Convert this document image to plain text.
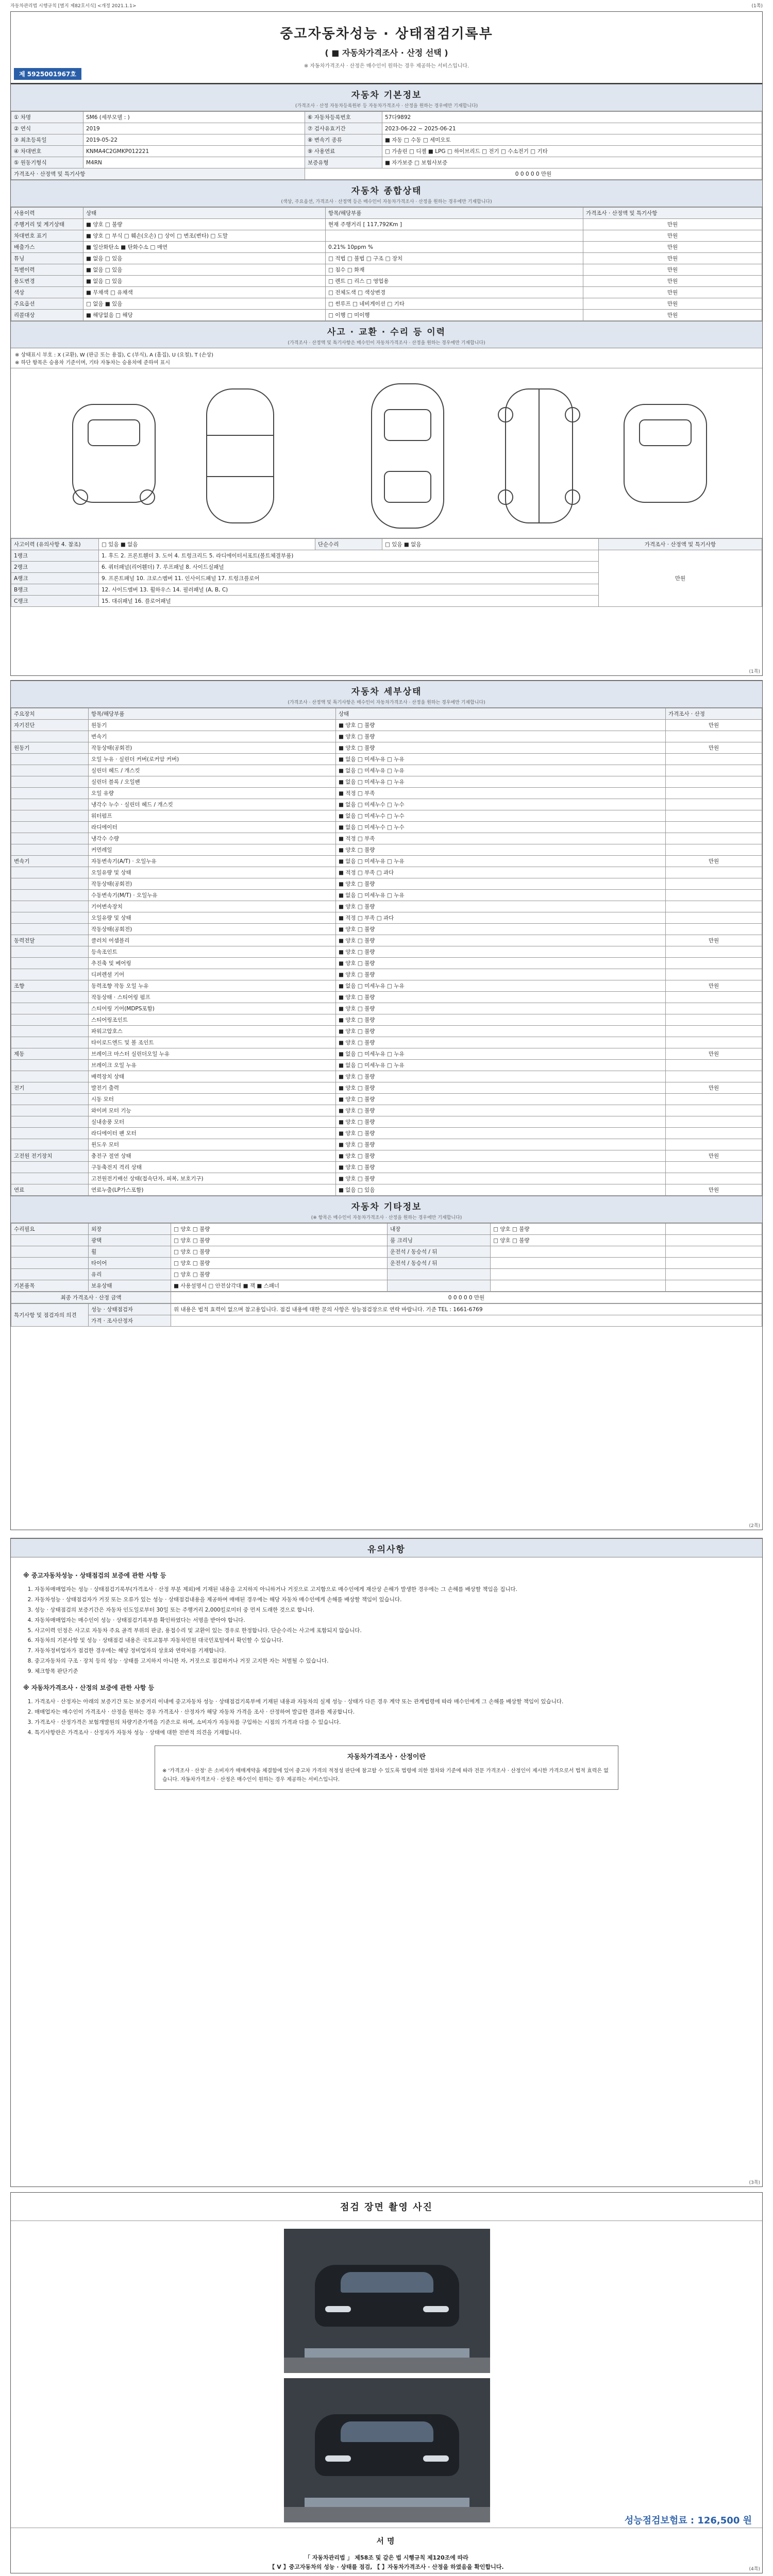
자동차관리법 시행규칙 [별지 제82호서식] <개정 2021.1.1>	(1쪽)
중고자동차성능 · 상태점검기록부
( ■ 자동차가격조사 · 산정 선택 )
※ 자동차가격조사 · 산정은 매수인이 원하는 경우 제공하는 서비스입니다.
제 5925001967호
자동차 기본정보
(가격조사 · 산정 자동차등록원부 등 자동차가격조사 · 산정을 원하는 경우에만 기재합니다)
① 차명	SM6 (세부모델 : )	⑥ 자동차등록번호	57다9892
② 연식	2019	⑦ 검사유효기간	2023-06-22 ~ 2025-06-21
③ 최초등록일	2019-05-22	⑧ 변속기 종류	■ 자동 □ 수동 □ 세미오토
④ 차대번호	KNMA4C2GMKP012221	⑨ 사용연료	□ 가솔린 □ 디젤 ■ LPG □ 하이브리드 □ 전기 □ 수소전기 □ 기타
⑤ 원동기형식	M4RN	보증유형	■ 자가보증 □ 보험사보증
가격조사 · 산정액 및 특기사항		0 0 0 0 0 만원	
자동차 종합상태
(색상, 주요옵션, 가격조사 · 산정액 등은 매수인이 자동차가격조사 · 산정을 원하는 경우에만 기재합니다)
사용이력	상태	항목/해당부품	가격조사 · 산정액 및 특기사항
주행거리 및 계기상태	■ 양호 □ 불량	현재 주행거리 [ 117,792Km ]	만원
차대번호 표기	■ 양호 □ 부식 □ 훼손(오손) □ 상이 □ 변조(변타) □ 도말		만원
배출가스	■ 일산화탄소 ■ 탄화수소 □ 매연	0.21% 10ppm %	만원
튜닝	■ 없음 □ 있음	□ 적법 □ 불법 □ 구조 □ 장치	만원
특별이력	■ 없음 □ 있음	□ 침수 □ 화재	만원
용도변경	■ 없음 □ 있음	□ 렌트 □ 리스 □ 영업용	만원
색상	■ 무채색 □ 유채색	□ 전체도색 □ 색상변경	만원
주요옵션	□ 없음 ■ 있음	□ 썬루프 □ 네비게이션 □ 기타	만원
리콜대상	■ 해당없음 □ 해당	□ 이행 □ 미이행	만원
사고 · 교환 · 수리 등 이력
(가격조사 · 산정액 및 특기사항은 매수인이 자동차가격조사 · 산정을 원하는 경우에만 기재합니다)
※ 상태표시 부호 : X (교환), W (판금 또는 용접), C (부식), A (흠집), U (요철), T (손상)
※ 하단 항목은 승용차 기준이며, 기타 자동차는 승용차에 준하여 표시
사고이력 (유의사항 4. 참조)	□ 있음 ■ 없음	단순수리	□ 있음 ■ 없음	가격조사 · 산정액 및 특기사항
1랭크	1. 후드 2. 프론트휀더 3. 도어 4. 트렁크리드 5. 라디에이터서포트(볼트체결부품)			만원
2랭크	6. 쿼터패널(리어휀더) 7. 루프패널 8. 사이드실패널			
A랭크	9. 프론트패널 10. 크로스멤버 11. 인사이드패널 17. 트렁크플로어			
B랭크	12. 사이드멤버 13. 휠하우스 14. 필러패널 (A, B, C)			
C랭크	15. 대쉬패널 16. 플로어패널			
(1쪽)
자동차 세부상태
(가격조사 · 산정액 및 특기사항은 매수인이 자동차가격조사 · 산정을 원하는 경우에만 기재합니다)
주요장치	항목/해당부품	상태	가격조사 · 산정
자기진단	원동기	■ 양호 □ 불량	만원
	변속기	■ 양호 □ 불량	
원동기	작동상태(공회전)	■ 양호 □ 불량	만원
	오일 누유 · 실린더 커버(로커암 커버)	■ 없음 □ 미세누유 □ 누유	
	실린더 헤드 / 개스킷	■ 없음 □ 미세누유 □ 누유	
	실린더 블록 / 오일팬	■ 없음 □ 미세누유 □ 누유	
	오일 유량	■ 적정 □ 부족	
	냉각수 누수 · 실린더 헤드 / 개스킷	■ 없음 □ 미세누수 □ 누수	
	워터펌프	■ 없음 □ 미세누수 □ 누수	
	라디에이터	■ 없음 □ 미세누수 □ 누수	
	냉각수 수량	■ 적정 □ 부족	
	커먼레일	■ 양호 □ 불량	
변속기	자동변속기(A/T) · 오일누유	■ 없음 □ 미세누유 □ 누유	만원
	오일유량 및 상태	■ 적정 □ 부족 □ 과다	
	작동상태(공회전)	■ 양호 □ 불량	
	수동변속기(M/T) · 오일누유	■ 없음 □ 미세누유 □ 누유	
	기어변속장치	■ 양호 □ 불량	
	오일유량 및 상태	■ 적정 □ 부족 □ 과다	
	작동상태(공회전)	■ 양호 □ 불량	
동력전달	클러치 어셈블리	■ 양호 □ 불량	만원
	등속조인트	■ 양호 □ 불량	
	추진축 및 베어링	■ 양호 □ 불량	
	디퍼렌셜 기어	■ 양호 □ 불량	
조향	동력조향 작동 오일 누유	■ 없음 □ 미세누유 □ 누유	만원
	작동상태 · 스티어링 펌프	■ 양호 □ 불량	
	스티어링 기어(MDPS포함)	■ 양호 □ 불량	
	스티어링조인트	■ 양호 □ 불량	
	파워고압호스	■ 양호 □ 불량	
	타이로드엔드 및 볼 조인트	■ 양호 □ 불량	
제동	브레이크 마스터 실린더오일 누유	■ 없음 □ 미세누유 □ 누유	만원
	브레이크 오일 누유	■ 없음 □ 미세누유 □ 누유	
	배력장치 상태	■ 양호 □ 불량	
전기	발전기 출력	■ 양호 □ 불량	만원
	시동 모터	■ 양호 □ 불량	
	와이퍼 모터 기능	■ 양호 □ 불량	
	실내송풍 모터	■ 양호 □ 불량	
	라디에이터 팬 모터	■ 양호 □ 불량	
	윈도우 모터	■ 양호 □ 불량	
고전원 전기장치	충전구 절연 상태	■ 양호 □ 불량	만원
	구동축전지 격리 상태	■ 양호 □ 불량	
	고전원전기배선 상태(접속단자, 피복, 보호기구)	■ 양호 □ 불량	
연료	연료누출(LP가스포함)	■ 없음 □ 있음	만원
자동차 기타정보
(※ 항목은 매수인이 자동차가격조사 · 산정을 원하는 경우에만 기재합니다)
수리필요	외장	□ 양호 □ 불량	내장	□ 양호 □ 불량	
	광택	□ 양호 □ 불량	룸 크리닝	□ 양호 □ 불량	
	휠	□ 양호 □ 불량	운전석 / 동승석 / 뒤		
	타이어	□ 양호 □ 불량	운전석 / 동승석 / 뒤		
	유리	□ 양호 □ 불량			
기본품목	보유상태	■ 사용설명서 □ 안전삼각대 ■ 잭 ■ 스패너			
최종 가격조사 · 산정 금액	0 0 0 0 0 만원
특기사항 및 점검자의 의견	성능 · 상태점검자	위 내용은 법적 효력이 없으며 참고용입니다. 점검 내용에 대한 문의 사항은 성능점검장으로 연락 바랍니다. 기준 TEL : 1661-6769
	가격 · 조사산정자	
(2쪽)
유의사항
※ 중고자동차성능 · 상태점검의 보증에 관한 사항 등
1. 자동차매매업자는 성능 · 상태점검기록부(가격조사 · 산정 부분 제외)에 기재된 내용을 고지하지 아니하거나 거짓으로 고지함으로 매수인에게 재산상 손해가 발생한 경우에는 그 손해를 배상할 책임을 집니다.
2. 자동차성능 · 상태점검자가 거짓 또는 오류가 있는 성능 · 상태점검내용을 제공하여 매매된 경우에는 해당 자동차 매수인에게 손해를 배상할 책임이 있습니다.
3. 성능 · 상태점검의 보증기간은 자동차 인도일로부터 30일 또는 주행거리 2,000킬로미터 중 먼저 도래한 것으로 합니다.
4. 자동차매매업자는 매수인이 성능 · 상태점검기록부를 확인하였다는 서명을 받아야 합니다.
5. 사고이력 인정은 사고로 자동차 주요 골격 부위의 판금, 용접수리 및 교환이 있는 경우로 한정합니다. 단순수리는 사고에 포함되지 않습니다.
6. 자동차의 기본사항 및 성능 · 상태점검 내용은 국토교통부 자동차민원 대국민포털에서 확인할 수 있습니다.
7. 자동차정비업자가 점검한 경우에는 해당 정비업자의 상호와 연락처를 기재합니다.
8. 중고자동차의 구조 · 장치 등의 성능 · 상태를 고지하지 아니한 자, 거짓으로 점검하거나 거짓 고지한 자는 처벌될 수 있습니다.
9. 체크항목 판단기준
※ 자동차가격조사 · 산정의 보증에 관한 사항 등
1. 가격조사 · 산정자는 아래의 보증기간 또는 보증거리 이내에 중고자동차 성능 · 상태점검기록부에 기재된 내용과 자동차의 실제 성능 · 상태가 다른 경우 계약 또는 관계법령에 따라 매수인에게 그 손해를 배상할 책임이 있습니다.
2. 매매업자는 매수인이 가격조사 · 산정을 원하는 경우 가격조사 · 산정자가 해당 자동차 가격을 조사 · 산정하여 발급한 결과를 제공합니다.
3. 가격조사 · 산정가격은 보험개발원의 차량기준가액을 기준으로 하며, 소비자가 자동차를 구입하는 시점의 가격과 다를 수 있습니다.
4. 특기사항란은 가격조사 · 산정자가 자동차 성능 · 상태에 대한 전반적 의견을 기재합니다.
자동차가격조사 · 산정이란
※ '가격조사 · 산정' 은 소비자가 매매계약을 체결함에 있어 중고차 가격의 적정성 판단에 참고할 수 있도록 법령에 의한 절차와 기준에 따라 전문 가격조사 · 산정인이 제시한 가격으로서 법적 효력은 없습니다. 자동차가격조사 · 산정은 매수인이 원하는 경우 제공하는 서비스입니다.
(3쪽)
점검 장면 촬영 사진
서명
성능점검보험료 : 126,500 원
「 자동차관리법 」 제58조 및 같은 법 시행규칙 제120조에 따라
【 V 】중고자동차의 성능 · 상태를 점검, 【 】자동차가격조사 · 산정을 하였음을 확인합니다.	(4쪽)
